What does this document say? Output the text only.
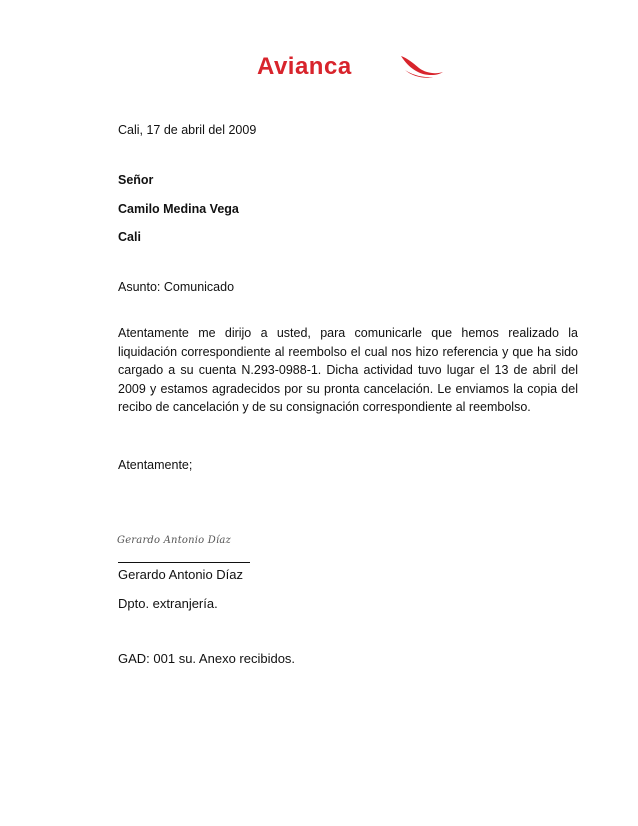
Avianca
Cali, 17 de abril del 2009
Señor
Camilo Medina Vega
Cali
Asunto: Comunicado
Atentamente me dirijo a usted, para comunicarle que hemos realizado la liquidación correspondiente al reembolso el cual nos hizo referencia y que ha sido cargado a su cuenta N.293-0988-1. Dicha actividad tuvo lugar el 13 de abril del 2009 y estamos agradecidos por su pronta cancelación. Le enviamos la copia del recibo de cancelación y de su consignación correspondiente al reembolso.
Atentamente;
Gerardo Antonio Díaz
Gerardo Antonio Díaz
Dpto. extranjería.
GAD: 001 su. Anexo recibidos.
